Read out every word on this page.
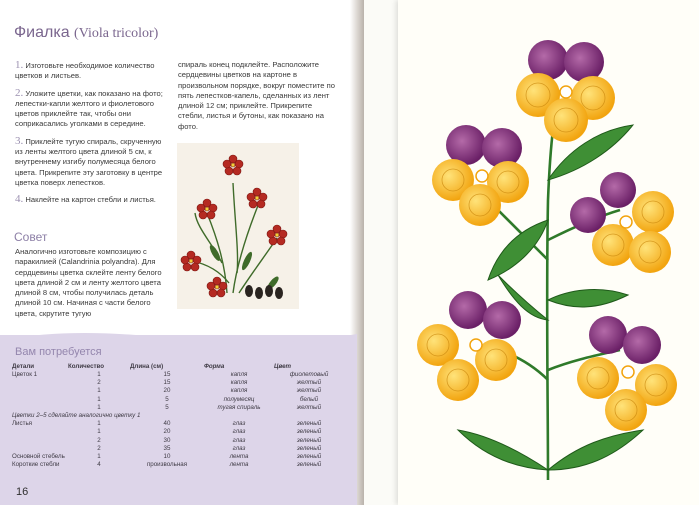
Фиалка (Viola tricolor)
1. Изготовьте необходимое количество цветков и листьев.
2. Уложите цветки, как показано на фото; лепестки-капли желтого и фиолетового цветов приклейте так, чтобы они соприкасались уголками в середине.
3. Приклейте тугую спираль, скрученную из ленты желтого цвета длиной 5 см, к внутреннему изгибу полумесяца белого цвета. Прикрепите эту заготовку в центре цветка поверх лепестков.
4. Наклейте на картон стебли и листья.
Совет
Аналогично изготовьте композицию с паракилией (Calandrinia polyandra). Для сердцевины цветка склейте ленту белого цвета длиной 2 см и ленту желтого цвета длиной 8 см, чтобы получилась деталь длиной 10 см. Начиная с части белого цвета, скрутите тугую
спираль конец подклейте. Расположите сердцевины цветков на картоне в произвольном порядке, вокруг поместите по пять лепестков-капель, сделанных из лент длиной 12 см; приклейте. Прикрепите стебли, листья и бутоны, как показано на фото.
Вам потребуется
Детали	Количество	Длина (см)	Форма	Цвет
Цветок 1	1	15	капля	фиолетовый
	2	15	капля	желтый
	1	20	капля	желтый
	1	5	полумесяц	белый
	1	5	тугая спираль	желтый
Цветки 2–5 сделайте аналогично цветку 1				
Листья	1	40	глаз	зеленый
	1	20	глаз	зеленый
	2	30	глаз	зеленый
	2	35	глаз	зеленый
Основной стебель	1	10	лента	зеленый
Короткие стебли	4	произвольная	лента	зеленый
16
